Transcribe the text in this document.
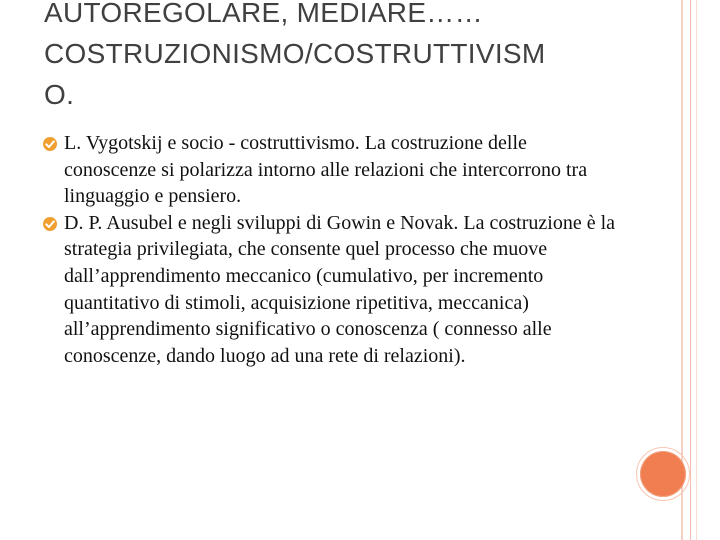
AUTOREGOLARE, MEDIARE……
COSTRUZIONISMO/COSTRUTTIVISM
O.
L. Vygotskij e socio - costruttivismo. La costruzione delle conoscenze si polarizza intorno alle relazioni che intercorrono tra linguaggio e pensiero.
D. P. Ausubel e negli sviluppi di Gowin e Novak. La costruzione è la strategia privilegiata, che consente quel processo che muove dall’apprendimento meccanico (cumulativo, per incremento quantitativo di stimoli, acquisizione ripetitiva, meccanica) all’apprendimento significativo o conoscenza ( connesso alle conoscenze, dando luogo ad una rete di relazioni).
